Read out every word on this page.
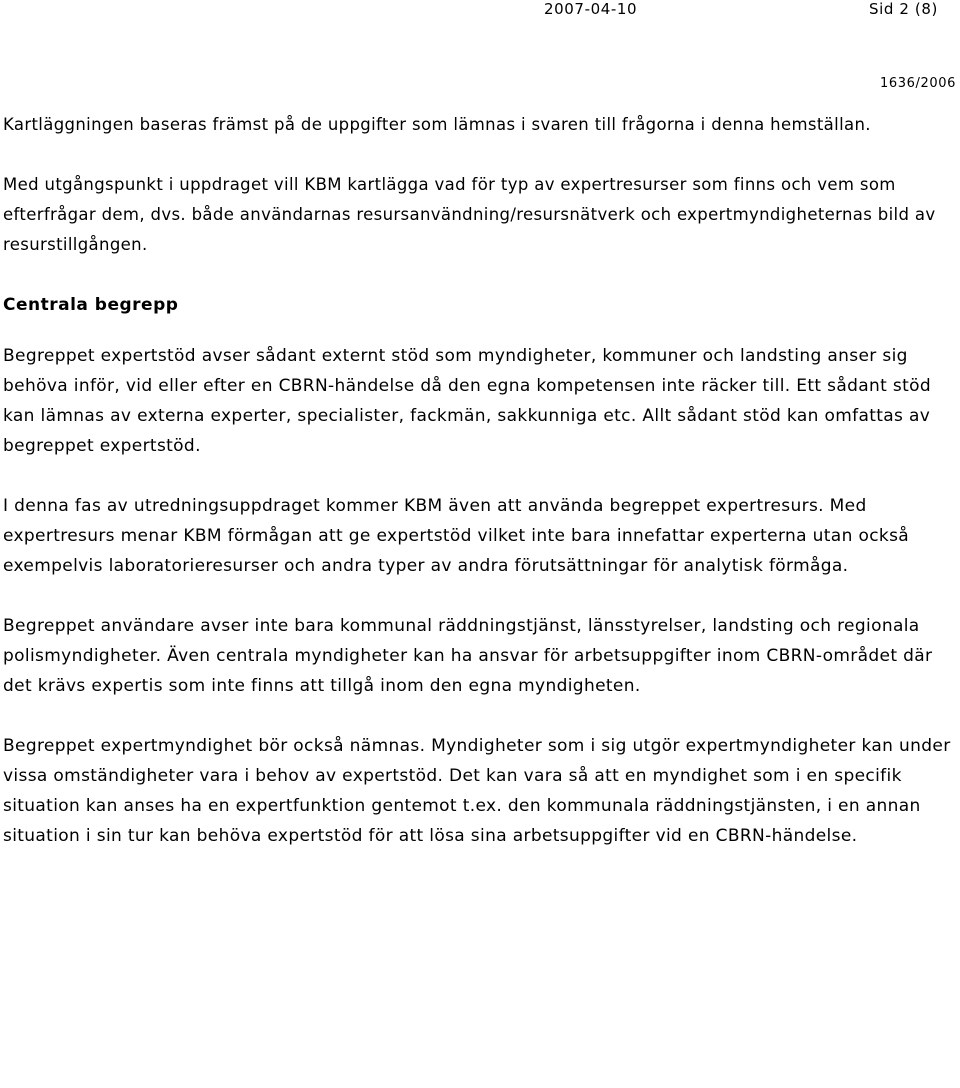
2007-04-10	Sid 2 (8)
1636/2006

Kartläggningen baseras främst på de uppgifter som lämnas i svaren till frågorna i denna hemställan.

Med utgångspunkt i uppdraget vill KBM kartlägga vad för typ av expertresurser som finns och vem som efterfrågar dem, dvs. både användarnas resursanvändning/resursnätverk och expertmyndigheternas bild av resurstillgången.

Centrala begrepp

Begreppet expertstöd avser sådant externt stöd som myndigheter, kommuner och landsting anser sig behöva inför, vid eller efter en CBRN-händelse då den egna kompetensen inte räcker till. Ett sådant stöd kan lämnas av externa experter, specialister, fackmän, sakkunniga etc. Allt sådant stöd kan omfattas av begreppet expertstöd.

I denna fas av utredningsuppdraget kommer KBM även att använda begreppet expertresurs. Med expertresurs menar KBM förmågan att ge expertstöd vilket inte bara innefattar experterna utan också exempelvis laboratorieresurser och andra typer av andra förutsättningar för analytisk förmåga.

Begreppet användare avser inte bara kommunal räddningstjänst, länsstyrelser, landsting och regionala polismyndigheter. Även centrala myndigheter kan ha ansvar för arbetsuppgifter inom CBRN-området där det krävs expertis som inte finns att tillgå inom den egna myndigheten.

Begreppet expertmyndighet bör också nämnas. Myndigheter som i sig utgör expertmyndigheter kan under vissa omständigheter vara i behov av expertstöd. Det kan vara så att en myndighet som i en specifik situation kan anses ha en expertfunktion gentemot t.ex. den kommunala räddningstjänsten, i en annan situation i sin tur kan behöva expertstöd för att lösa sina arbetsuppgifter vid en CBRN-händelse.
